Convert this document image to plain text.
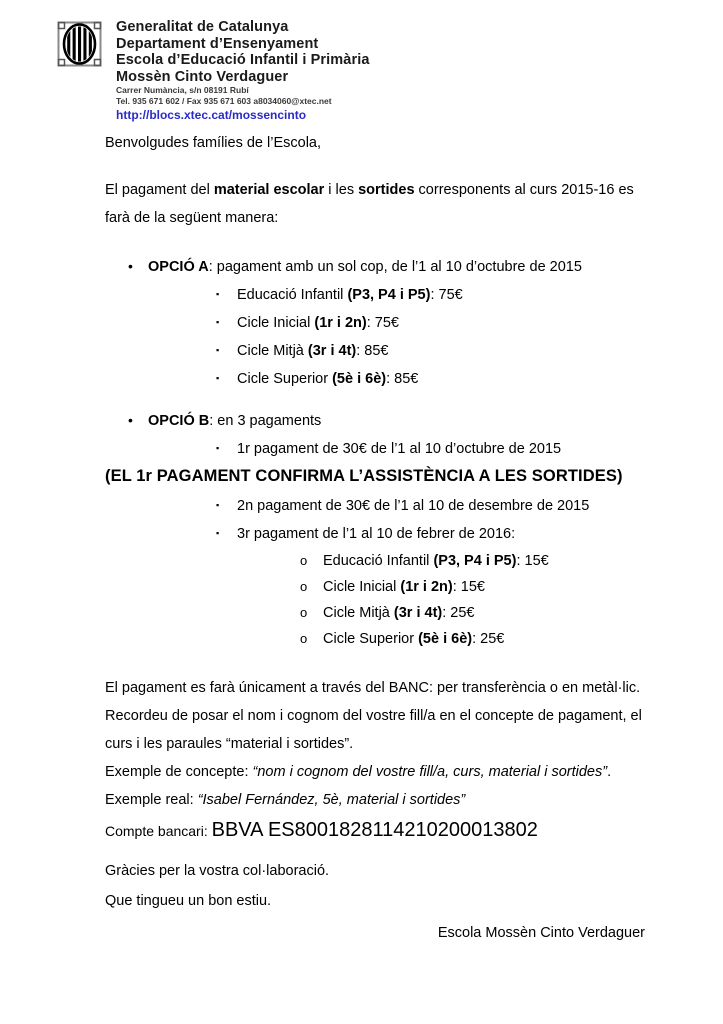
Generalitat de Catalunya
Departament d’Ensenyament
Escola d’Educació Infantil i Primària
Mossèn Cinto Verdaguer
Carrer Numància, s/n 08191 Rubí
Tel. 935 671 602 / Fax 935 671 603 a8034060@xtec.net
http://blocs.xtec.cat/mossencinto
Benvolgudes famílies de l’Escola,
El pagament del material escolar i les sortides corresponents al curs 2015-16 es
farà de la següent manera:
• OPCIÓ A: pagament amb un sol cop, de l’1 al 10 d’octubre de 2015
▪ Educació Infantil (P3, P4 i P5): 75€
▪ Cicle Inicial (1r i 2n): 75€
▪ Cicle Mitjà (3r i 4t): 85€
▪ Cicle Superior (5è i 6è): 85€
• OPCIÓ B: en 3 pagaments
▪ 1r pagament de 30€ de l’1 al 10 d’octubre de 2015
(EL 1r PAGAMENT CONFIRMA L’ASSISTÈNCIA A LES SORTIDES)
▪ 2n pagament de 30€ de l’1 al 10 de desembre de 2015
▪ 3r pagament de l’1 al 10 de febrer de 2016:
o Educació Infantil (P3, P4 i P5): 15€
o Cicle Inicial (1r i 2n): 15€
o Cicle Mitjà (3r i 4t): 25€
o Cicle Superior (5è i 6è): 25€
El pagament es farà únicament a través del BANC: per transferència o en metàl·lic.
Recordeu de posar el nom i cognom del vostre fill/a en el concepte de pagament, el
curs i les paraules “material i sortides”.
Exemple de concepte: “nom i cognom del vostre fill/a, curs, material i sortides”.
Exemple real: “Isabel Fernández, 5è, material i sortides”
Compte bancari: BBVA ES8001828114210200013802
Gràcies per la vostra col·laboració.
Que tingueu un bon estiu.
Escola Mossèn Cinto Verdaguer
